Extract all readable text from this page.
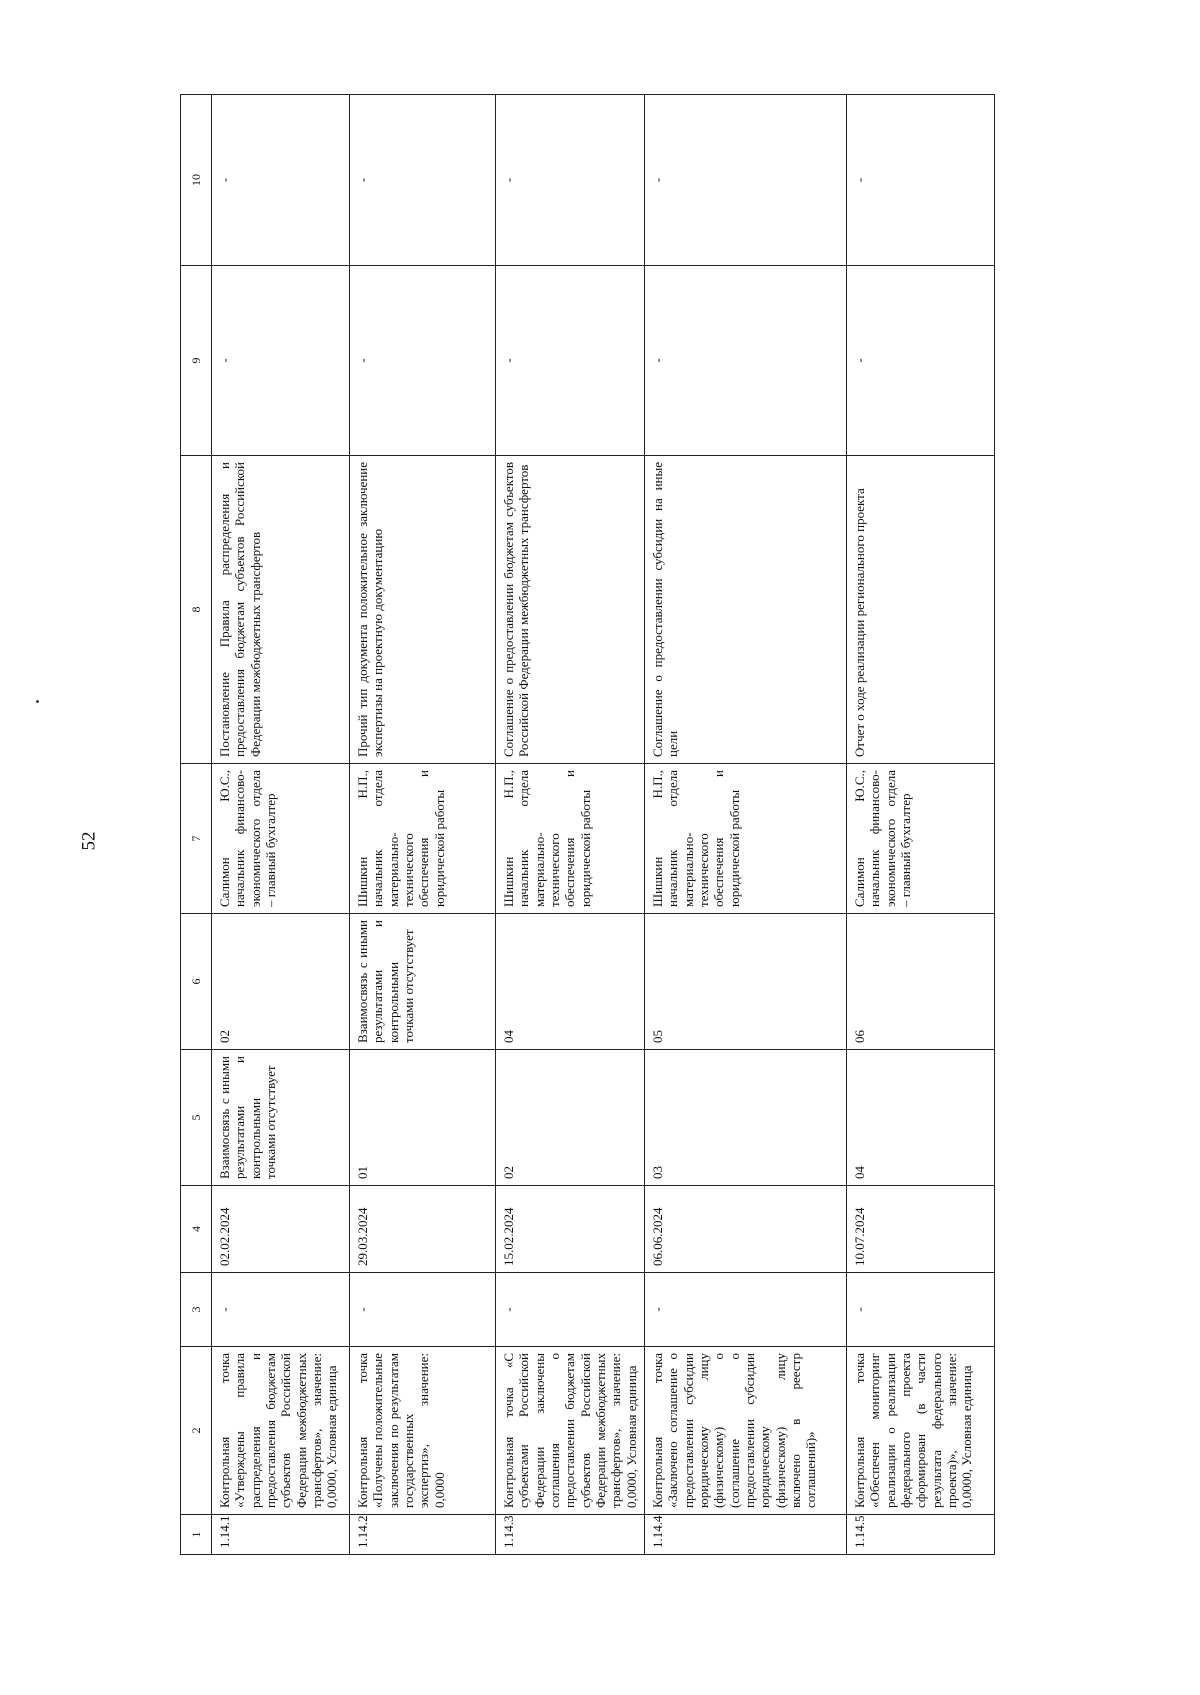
52
1	2	3	4	5	6	7	8	9	10
1.14.1	Контрольная точка «Утверждены правила распределения и предоставления бюджетам субъектов Российской Федерации межбюджетных трансфертов», значение: 0,0000, Условная единица	-	02.02.2024	Взаимосвязь с иными результатами и контрольными точками отсутствует	02	Салимон Ю.С., начальник финансово-экономического отдела – главный бухгалтер	Постановление Правила распределения и предоставления бюджетам субъектов Российской Федерации межбюджетных трансфертов	-	-
1.14.2	Контрольная точка «Получены положительные заключения по результатам государственных экспертиз», значение: 0,0000	-	29.03.2024	01	Взаимосвязь с иными результатами и контрольными точками отсутствует	Шишкин Н.П., начальник отдела материально-технического обеспечения и юридической работы	Прочий тип документа положительное заключение экспертизы на проектную документацию	-	-
1.14.3	Контрольная точка «С субъектами Российской Федерации заключены соглашения о предоставлении бюджетам субъектов Российской Федерации межбюджетных трансфертов», значение: 0,0000, Условная единица	-	15.02.2024	02	04	Шишкин Н.П., начальник отдела материально-технического обеспечения и юридической работы	Соглашение о предоставлении бюджетам субъектов Российской Федерации межбюджетных трансфертов	-	-
1.14.4	Контрольная точка «Заключено соглашение о предоставлении субсидии юридическому лицу (физическому) о (соглашение о предоставлении субсидии юридическому (физическому) лицу включено в реестр соглашений)»	-	06.06.2024	03	05	Шишкин Н.П., начальник отдела материально-технического обеспечения и юридической работы	Соглашение о предоставлении субсидии на иные цели	-	-
1.14.5	Контрольная точка «Обеспечен мониторинг реализации о реализации федерального проекта сформирован (в части результата федерального проекта)», значение: 0,0000, Условная единица	-	10.07.2024	04	06	Салимон Ю.С., начальник финансово-экономического отдела – главный бухгалтер	Отчет о ходе реализации регионального проекта	-	-
